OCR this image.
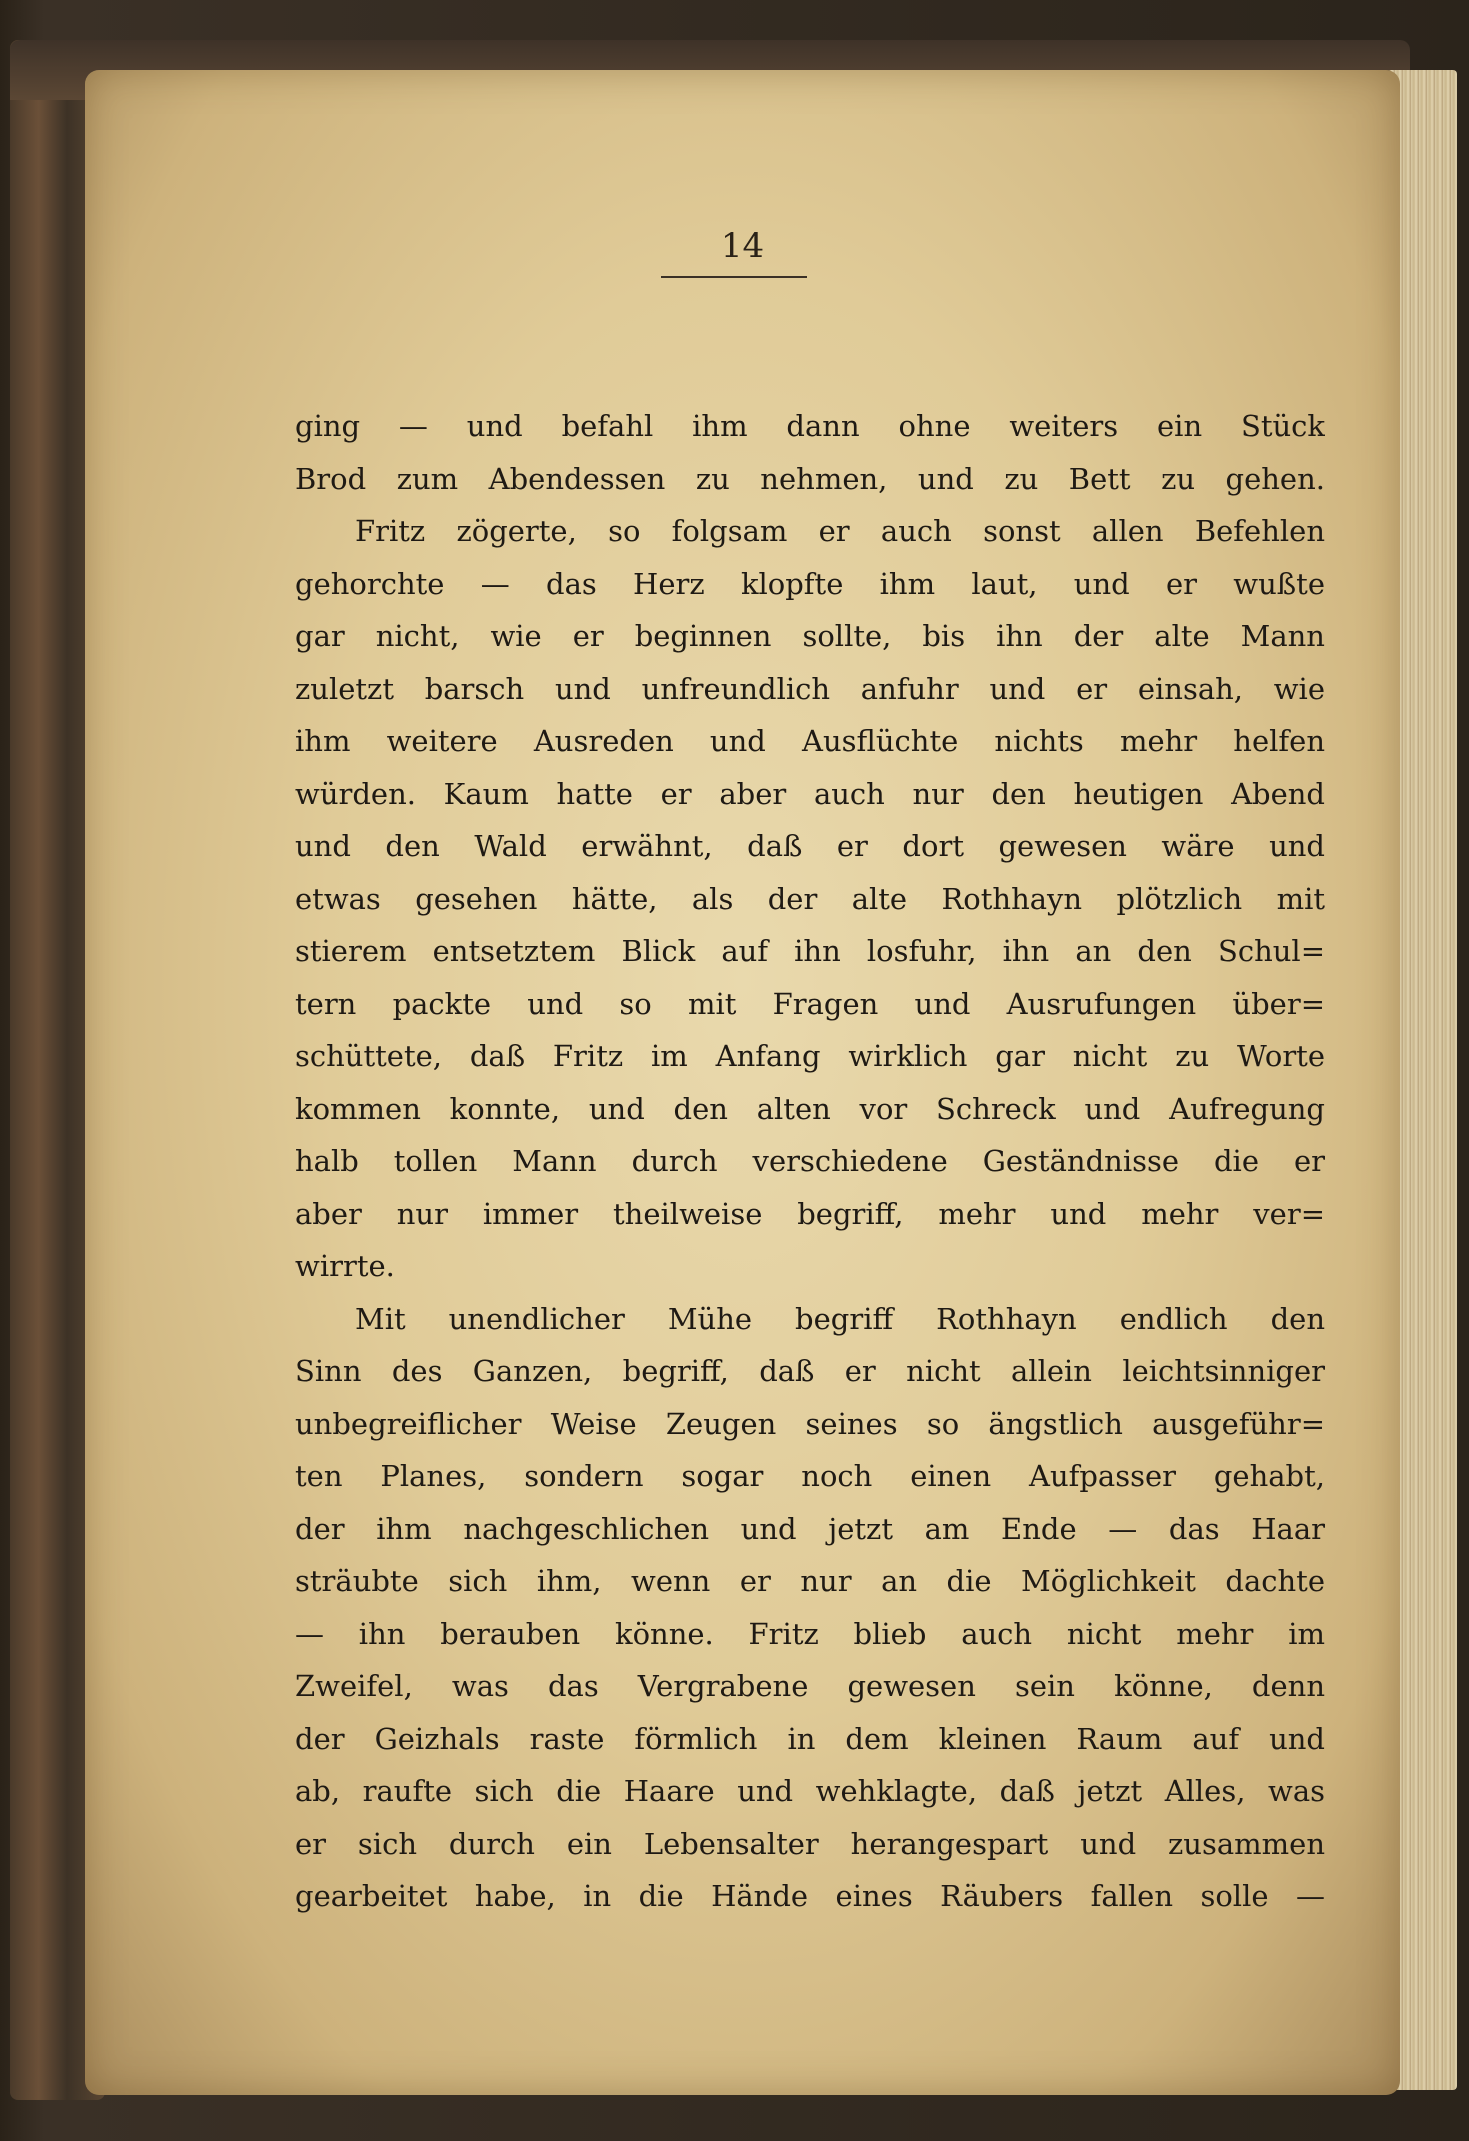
14
ging — und befahl ihm dann ohne weiters ein Stück
Brod zum Abendessen zu nehmen, und zu Bett zu gehen.
Fritz zögerte, so folgsam er auch sonst allen Befehlen
gehorchte — das Herz klopfte ihm laut, und er wußte
gar nicht, wie er beginnen sollte, bis ihn der alte Mann
zuletzt barsch und unfreundlich anfuhr und er einsah, wie
ihm weitere Ausreden und Ausflüchte nichts mehr helfen
würden. Kaum hatte er aber auch nur den heutigen Abend
und den Wald erwähnt, daß er dort gewesen wäre und
etwas gesehen hätte, als der alte Rothhayn plötzlich mit
stierem entsetztem Blick auf ihn losfuhr, ihn an den Schul=
tern packte und so mit Fragen und Ausrufungen über=
schüttete, daß Fritz im Anfang wirklich gar nicht zu Worte
kommen konnte, und den alten vor Schreck und Aufregung
halb tollen Mann durch verschiedene Geständnisse die er
aber nur immer theilweise begriff, mehr und mehr ver=
wirrte.
Mit unendlicher Mühe begriff Rothhayn endlich den
Sinn des Ganzen, begriff, daß er nicht allein leichtsinniger
unbegreiflicher Weise Zeugen seines so ängstlich ausgeführ=
ten Planes, sondern sogar noch einen Aufpasser gehabt,
der ihm nachgeschlichen und jetzt am Ende — das Haar
sträubte sich ihm, wenn er nur an die Möglichkeit dachte
— ihn berauben könne. Fritz blieb auch nicht mehr im
Zweifel, was das Vergrabene gewesen sein könne, denn
der Geizhals raste förmlich in dem kleinen Raum auf und
ab, raufte sich die Haare und wehklagte, daß jetzt Alles, was
er sich durch ein Lebensalter herangespart und zusammen
gearbeitet habe, in die Hände eines Räubers fallen solle —
